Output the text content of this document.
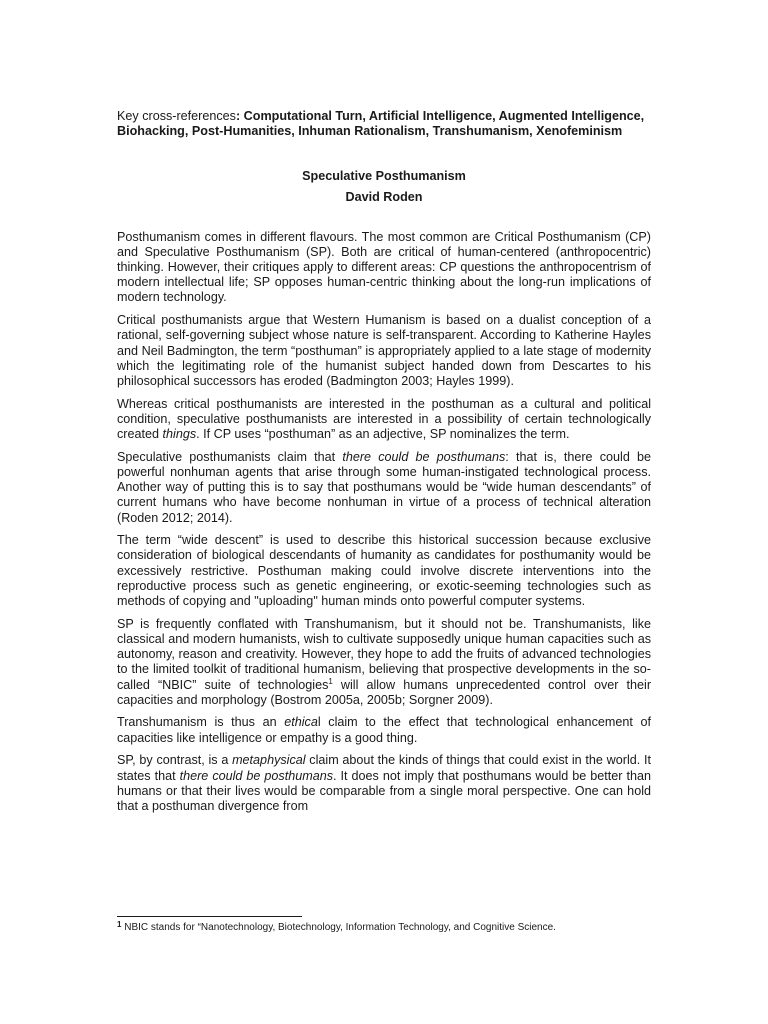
Key cross-references: Computational Turn, Artificial Intelligence, Augmented Intelligence, Biohacking, Post-Humanities, Inhuman Rationalism, Transhumanism, Xenofeminism

Speculative Posthumanism
David Roden

Posthumanism comes in different flavours. The most common are Critical Posthumanism (CP) and Speculative Posthumanism (SP). Both are critical of human-centered (anthropocentric) thinking. However, their critiques apply to different areas: CP questions the anthropocentrism of modern intellectual life; SP opposes human-centric thinking about the long-run implications of modern technology.

Critical posthumanists argue that Western Humanism is based on a dualist conception of a rational, self-governing subject whose nature is self-transparent. According to Katherine Hayles and Neil Badmington, the term “posthuman” is appropriately applied to a late stage of modernity which the legitimating role of the humanist subject handed down from Descartes to his philosophical successors has eroded (Badmington 2003; Hayles 1999).

Whereas critical posthumanists are interested in the posthuman as a cultural and political condition, speculative posthumanists are interested in a possibility of certain technologically created things. If CP uses “posthuman” as an adjective, SP nominalizes the term.

Speculative posthumanists claim that there could be posthumans: that is, there could be powerful nonhuman agents that arise through some human-instigated technological process. Another way of putting this is to say that posthumans would be “wide human descendants” of current humans who have become nonhuman in virtue of a process of technical alteration (Roden 2012; 2014).

The term “wide descent” is used to describe this historical succession because exclusive consideration of biological descendants of humanity as candidates for posthumanity would be excessively restrictive. Posthuman making could involve discrete interventions into the reproductive process such as genetic engineering, or exotic-seeming technologies such as methods of copying and "uploading" human minds onto powerful computer systems.

SP is frequently conflated with Transhumanism, but it should not be. Transhumanists, like classical and modern humanists, wish to cultivate supposedly unique human capacities such as autonomy, reason and creativity. However, they hope to add the fruits of advanced technologies to the limited toolkit of traditional humanism, believing that prospective developments in the so-called “NBIC” suite of technologies$^1$ will allow humans unprecedented control over their capacities and morphology (Bostrom 2005a, 2005b; Sorgner 2009).

Transhumanism is thus an ethical claim to the effect that technological enhancement of capacities like intelligence or empathy is a good thing.

SP, by contrast, is a metaphysical claim about the kinds of things that could exist in the world. It states that there could be posthumans. It does not imply that posthumans would be better than humans or that their lives would be comparable from a single moral perspective. One can hold that a posthuman divergence from

$^1$ NBIC stands for “Nanotechnology, Biotechnology, Information Technology, and Cognitive Science.
